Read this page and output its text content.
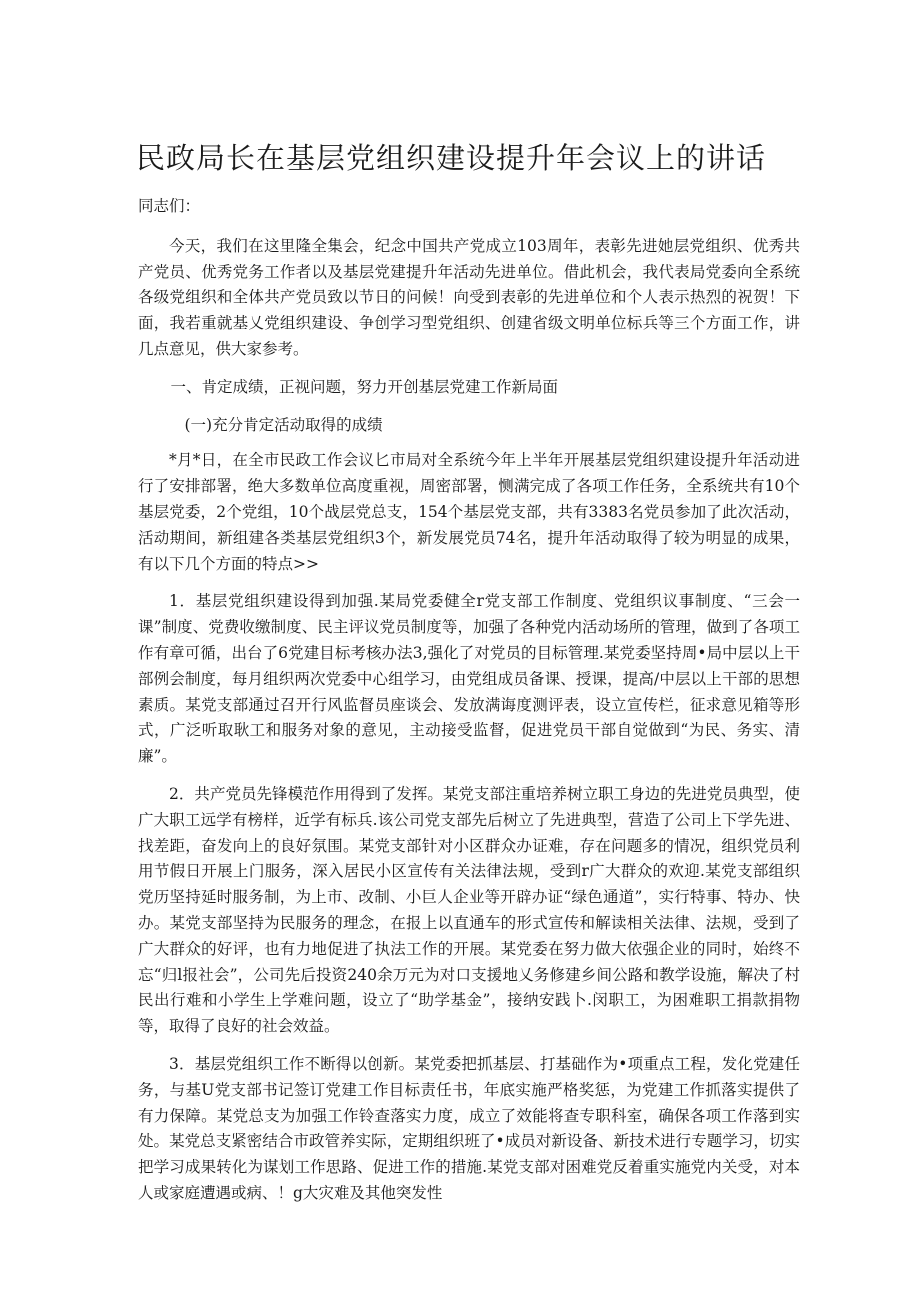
民政局长在基层党组织建设提升年会议上的讲话

同志们：

今天，我们在这里隆全集会，纪念中国共产党成立103周年，表彰先进她层党组织、优秀共产党员、优秀党务工作者以及基层党建提升年活动先进单位。借此机会，我代表局党委向全系统各级党组织和全体共产党员致以节日的问候！向受到表彰的先进单位和个人表示热烈的祝贺！下面，我若重就基乂党组织建设、争创学习型党组织、创建省级文明单位标兵等三个方面工作，讲几点意见，供大家参考。

一、肯定成绩，正视问题，努力开创基层党建工作新局面

(一)充分肯定活动取得的成绩

*月*日，在全市民政工作会议匕市局对全系统今年上半年开展基层党组织建设提升年活动进行了安排部署，绝大多数单位高度重视，周密部署，恻满完成了各项工作任务，全系统共有10个基层党委，2个党组，10个战层党总支，154个基层党支部，共有3383名党员参加了此次活动，活动期间，新组建各类基层党组织3个，新发展党员74名，提升年活动取得了较为明显的成果，有以下几个方面的特点>>

1．基层党组织建设得到加强.某局党委健全r党支部工作制度、党组织议事制度、“三会一课”制度、党费收缴制度、民主评议党员制度等，加强了各种党内活动场所的管理，做到了各项工作有章可循，出台了6党建目标考核办法3,强化了对党员的目标管理.某党委坚持周•局中层以上干部例会制度，每月组织两次党委中心组学习，由党组成员备课、授课，提高/中层以上干部的思想素质。某党支部通过召开行风监督员座谈会、发放满诲度测评表，设立宣传栏，征求意见箱等形式，广泛听取耿工和服务对象的意见，主动接受监督，促进党员干部自觉做到“为民、务实、清廉”。

2．共产党员先锋模范作用得到了发挥。某党支部注重培养树立职工身边的先进党员典型，使广大职工远学有榜样，近学有标兵.该公司党支部先后树立了先进典型，营造了公司上下学先进、找差距，奋发向上的良好氛围。某党支部针对小区群众办证难，存在问题多的情况，组织党员利用节假日开展上门服务，深入居民小区宣传有关法律法规，受到r广大群众的欢迎.某党支部组织党历坚持延时服务制，为上市、改制、小巨人企业等开辟办证“绿色通道”，实行特事、特办、快办。某党支部坚持为民服务的理念，在报上以直通车的形式宣传和解读相关法律、法规，受到了广大群众的好评，也有力地促进了执法工作的开展。某党委在努力做大依强企业的同时，始终不忘“归l报社会”，公司先后投资240余万元为对口支援地乂务修建乡间公路和教学设施，解决了村民出行难和小学生上学难问题，设立了“助学基金”，接纳安践卜.闵职工，为困难职工捐款捐物等，取得了良好的社会效益。

3．基层党组织工作不断得以创新。某党委把抓基层、打基础作为•项重点工程，发化党建任务，与基U党支部书记签订党建工作目标责任书，年底实施严格奖惩，为党建工作抓落实提供了有力保障。某党总支为加强工作铃查落实力度，成立了效能将查专职科室，确保各项工作落到实处。某党总支紧密结合市政管养实际，定期组织班了•成员对新设备、新技术进行专题学习，切实把学习成果转化为谋划工作思路、促进工作的措施.某党支部对困难党反着重实施党内关受，对本人或家庭遭遇或病、！g大灾难及其他突发性
